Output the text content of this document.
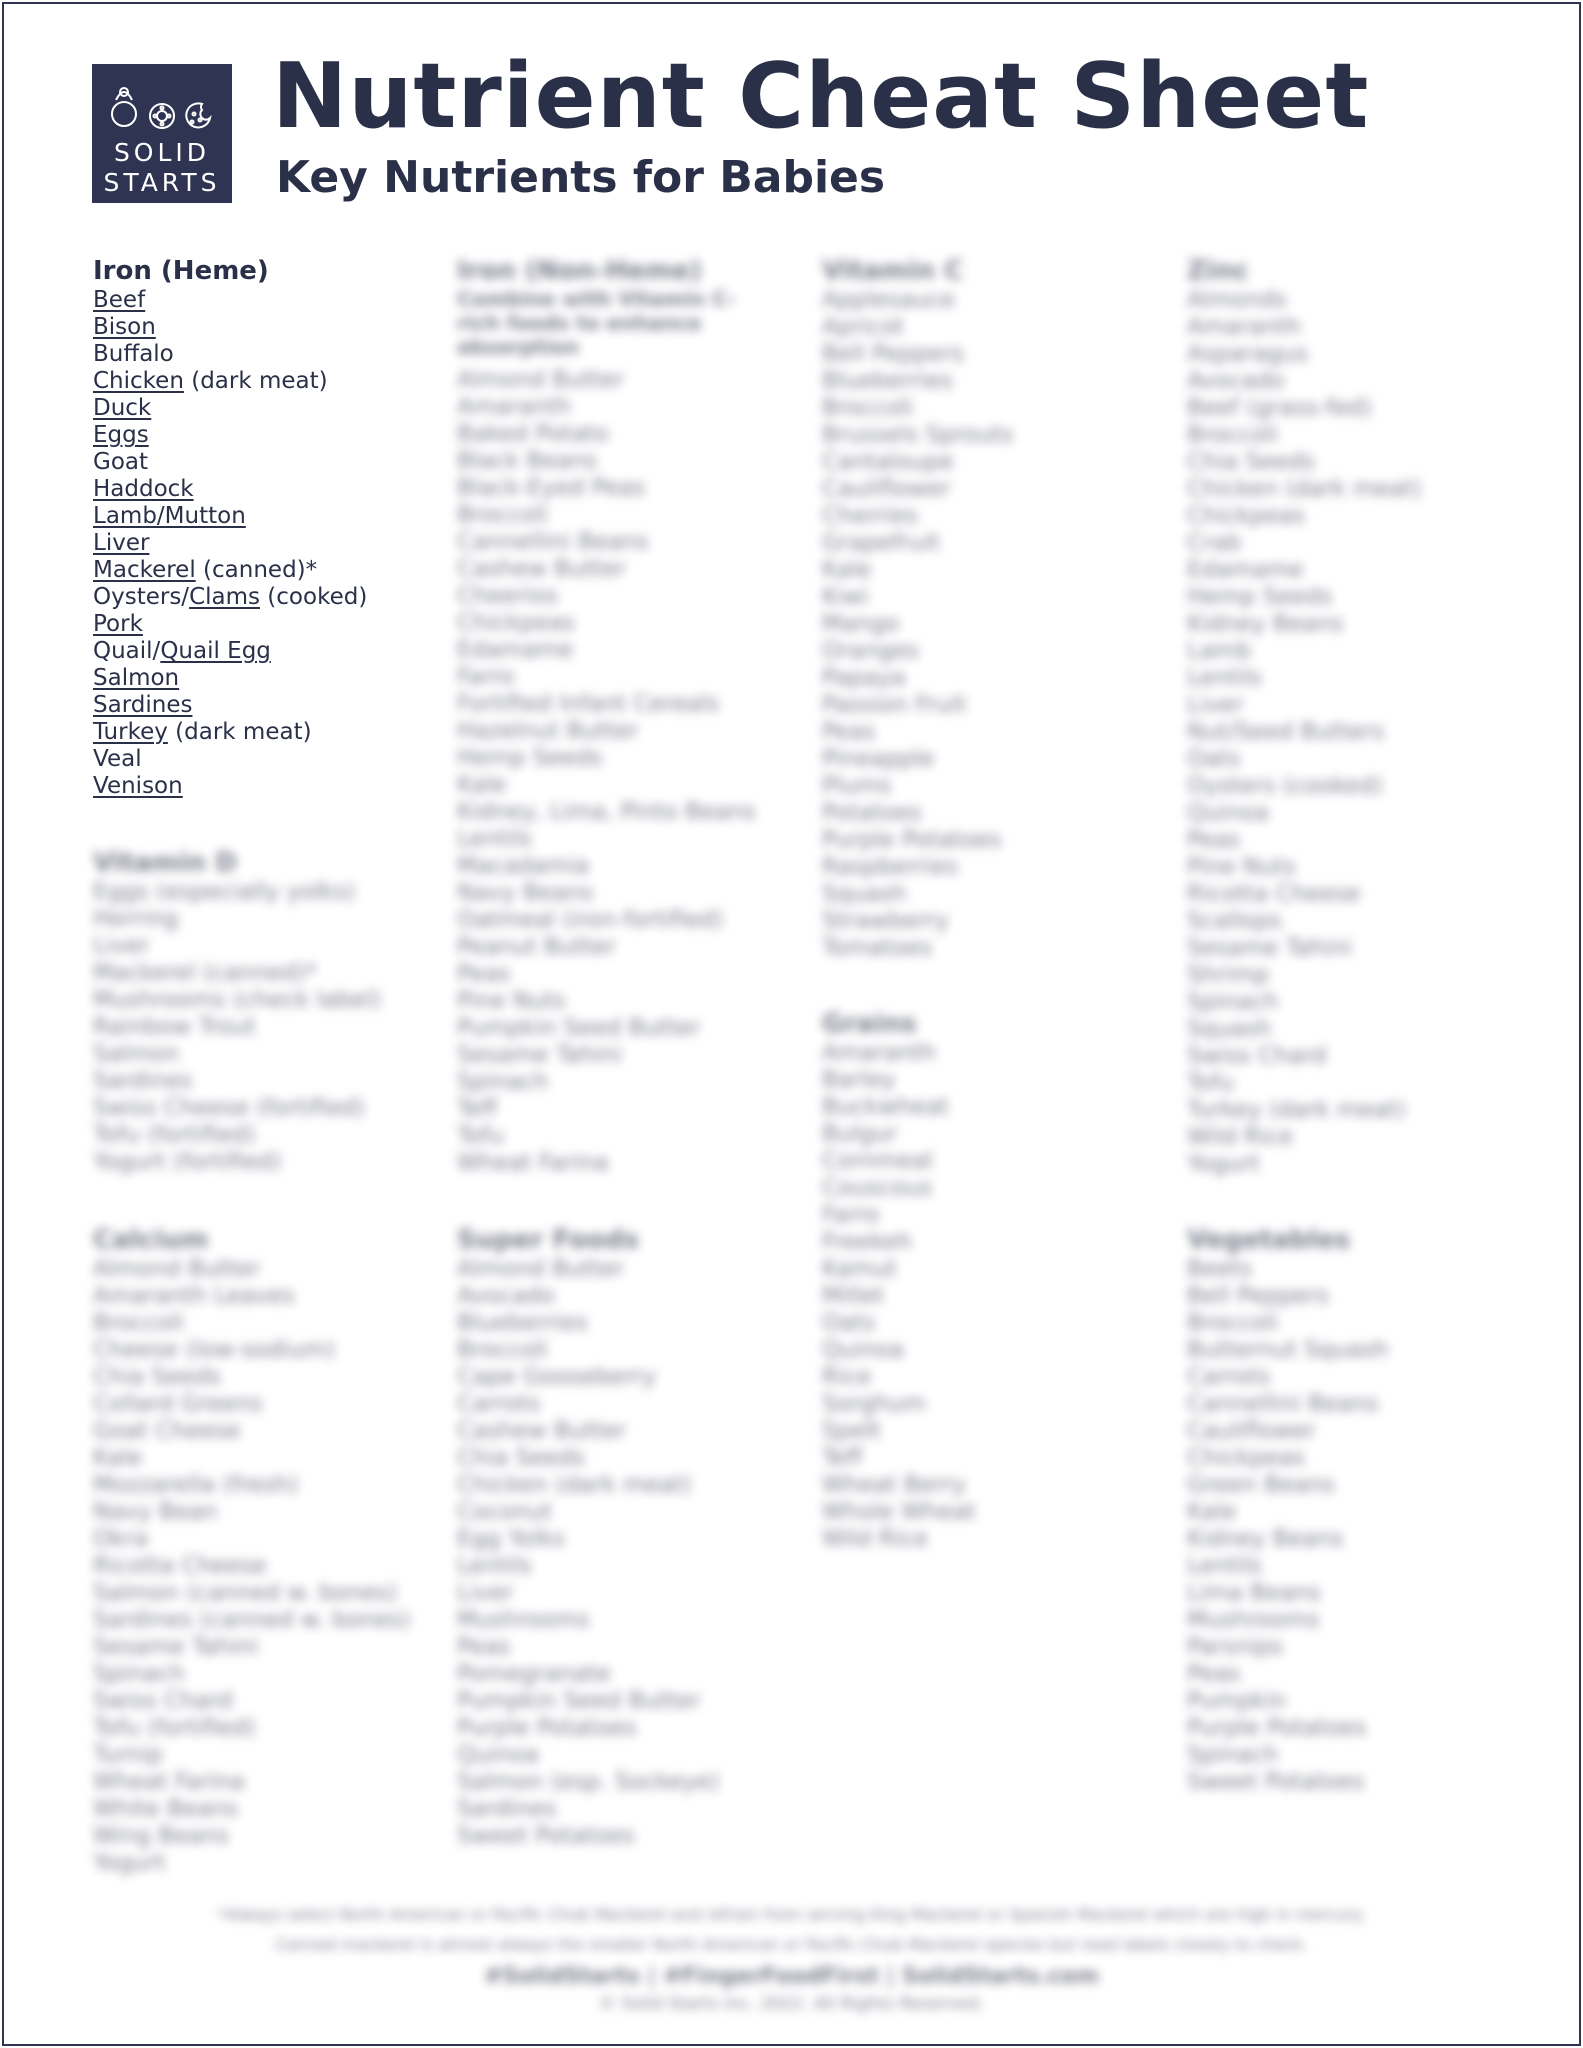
SOLID
STARTS
Nutrient Cheat Sheet
Key Nutrients for Babies
Iron (Heme)
Beef
Bison
Buffalo
Chicken (dark meat)
Duck
Eggs
Goat
Haddock
Lamb/Mutton
Liver
Mackerel (canned)*
Oysters/Clams (cooked)
Pork
Quail/Quail Egg
Salmon
Sardines
Turkey (dark meat)
Veal
Venison
Iron (Non-Heme)
Combine with Vitamin C-rich foods to enhance absorption
Almond Butter
Amaranth
Baked Potato
Black Beans
Black-Eyed Peas
Broccoli
Cannellini Beans
Cashew Butter
Cheerios
Chickpeas
Edamame
Farro
Fortified Infant Cereals
Hazelnut Butter
Hemp Seeds
Kale
Kidney, Lima, Pinto Beans
Lentils
Macadamia
Navy Beans
Oatmeal (iron-fortified)
Peanut Butter
Peas
Pine Nuts
Pumpkin Seed Butter
Sesame Tahini
Spinach
Teff
Tofu
Wheat Farina
Vitamin C
Applesauce
Apricot
Bell Peppers
Blueberries
Broccoli
Brussels Sprouts
Cantaloupe
Cauliflower
Cherries
Grapefruit
Kale
Kiwi
Mango
Oranges
Papaya
Passion Fruit
Peas
Pineapple
Plums
Potatoes
Purple Potatoes
Raspberries
Squash
Strawberry
Tomatoes
Zinc
Almonds
Amaranth
Asparagus
Avocado
Beef (grass-fed)
Broccoli
Chia Seeds
Chicken (dark meat)
Chickpeas
Crab
Edamame
Hemp Seeds
Kidney Beans
Lamb
Lentils
Liver
Nut/Seed Butters
Oats
Oysters (cooked)
Quinoa
Peas
Pine Nuts
Ricotta Cheese
Scallops
Sesame Tahini
Shrimp
Spinach
Squash
Swiss Chard
Tofu
Turkey (dark meat)
Wild Rice
Yogurt
Vitamin D
Eggs (especially yolks)
Herring
Liver
Mackerel (canned)*
Mushrooms (check label)
Rainbow Trout
Salmon
Sardines
Swiss Cheese (fortified)
Tofu (fortified)
Yogurt (fortified)
Grains
Amaranth
Barley
Buckwheat
Bulgur
Cornmeal
Couscous
Farro
Freekeh
Kamut
Millet
Oats
Quinoa
Rice
Sorghum
Spelt
Teff
Wheat Berry
Whole Wheat
Wild Rice
Calcium
Almond Butter
Amaranth Leaves
Broccoli
Cheese (low-sodium)
Chia Seeds
Collard Greens
Goat Cheese
Kale
Mozzarella (fresh)
Navy Bean
Okra
Ricotta Cheese
Salmon (canned w. bones)
Sardines (canned w. bones)
Sesame Tahini
Spinach
Swiss Chard
Tofu (fortified)
Turnip
Wheat Farina
White Beans
Wing Beans
Yogurt
Super Foods
Almond Butter
Avocado
Blueberries
Broccoli
Cape Gooseberry
Carrots
Cashew Butter
Chia Seeds
Chicken (dark meat)
Coconut
Egg Yolks
Lentils
Liver
Mushrooms
Peas
Pomegranate
Pumpkin Seed Butter
Purple Potatoes
Quinoa
Salmon (esp. Sockeye)
Sardines
Sweet Potatoes
Vegetables
Beets
Bell Peppers
Broccoli
Butternut Squash
Carrots
Cannellini Beans
Cauliflower
Chickpeas
Green Beans
Kale
Kidney Beans
Lentils
Lima Beans
Mushrooms
Parsnips
Peas
Pumpkin
Purple Potatoes
Spinach
Sweet Potatoes
*Always select North American or Pacific Chub Mackerel and refrain from serving King Mackerel or Spanish Mackerel which are high in mercury.
Canned mackerel is almost always the smaller North American or Pacific Chub Mackerel species but read labels closely to check.
#SolidStarts | #FingerFoodFirst | SolidStarts.com
© Solid Starts Inc. 2022. All Rights Reserved.
